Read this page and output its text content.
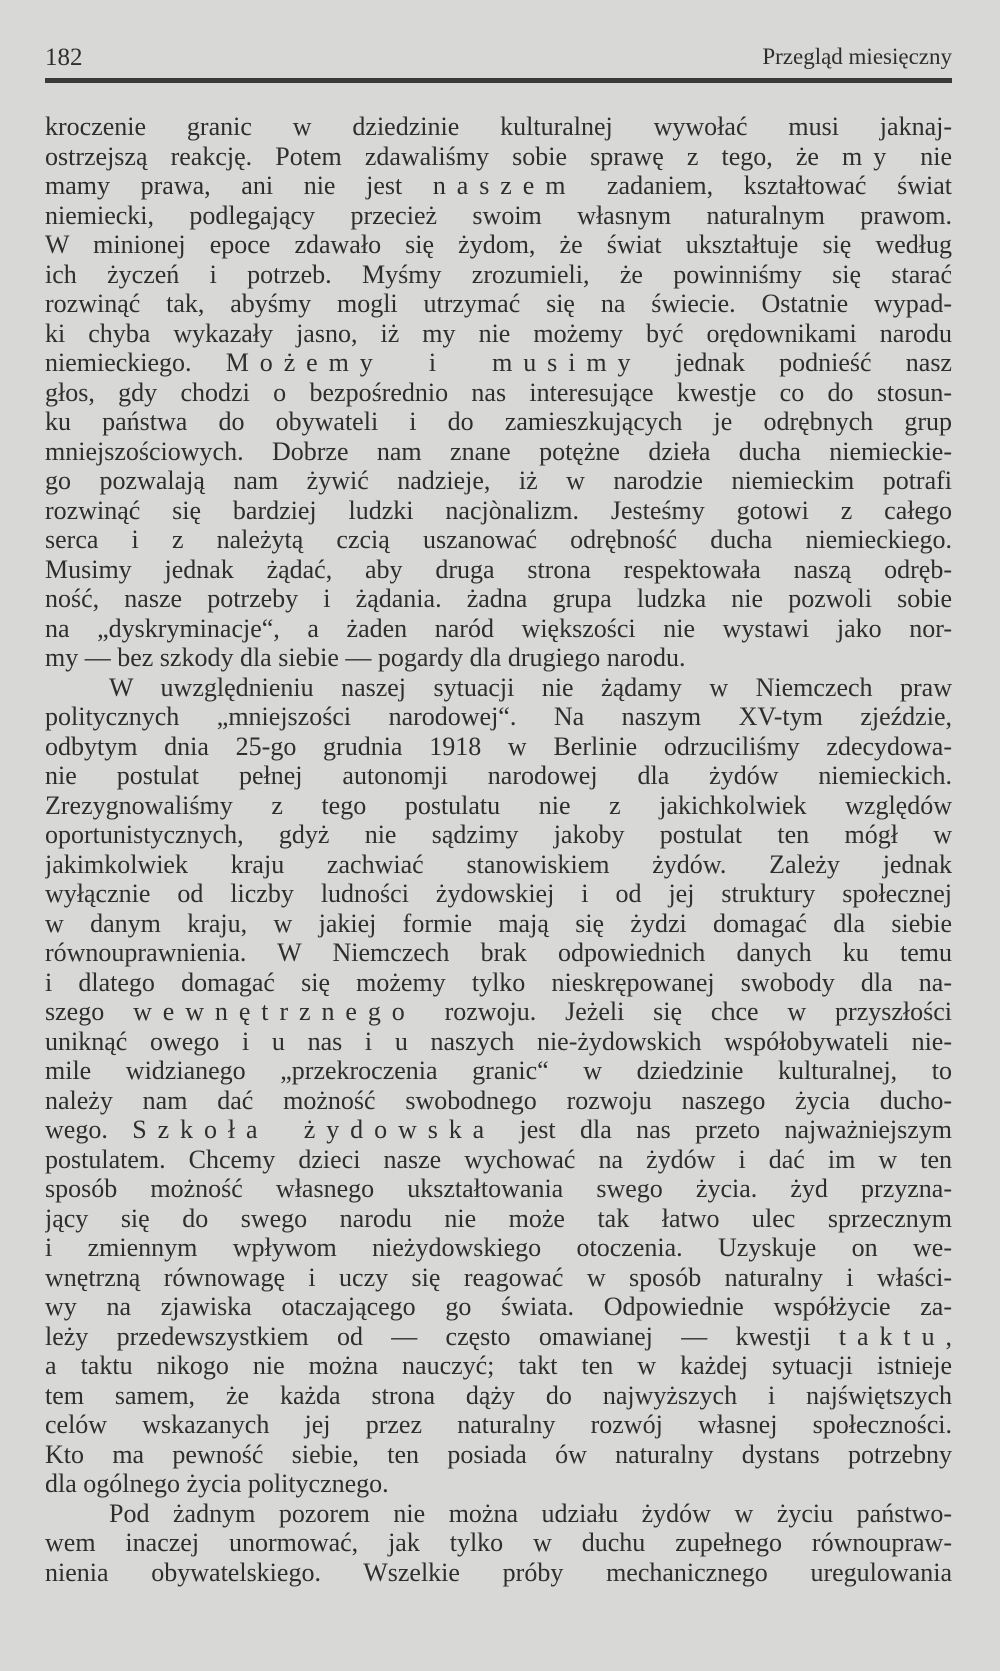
182	Przegląd miesięczny
kroczenie granic w dziedzinie kulturalnej wywołać musi jaknaj-
ostrzejszą reakcję. Potem zdawaliśmy sobie sprawę z tego, że my nie
mamy prawa, ani nie jest naszem zadaniem, kształtować świat
niemiecki, podlegający przecież swoim własnym naturalnym prawom.
W minionej epoce zdawało się żydom, że świat ukształtuje się według
ich życzeń i potrzeb. Myśmy zrozumieli, że powinniśmy się starać
rozwinąć tak, abyśmy mogli utrzymać się na świecie. Ostatnie wypad-
ki chyba wykazały jasno, iż my nie możemy być orędownikami narodu
niemieckiego. Możemy i musimy jednak podnieść nasz
głos, gdy chodzi o bezpośrednio nas interesujące kwestje co do stosun-
ku państwa do obywateli i do zamieszkujących je odrębnych grup
mniejszościowych. Dobrze nam znane potężne dzieła ducha niemieckie-
go pozwalają nam żywić nadzieje, iż w narodzie niemieckim potrafi
rozwinąć się bardziej ludzki nacjònalizm. Jesteśmy gotowi z całego
serca i z należytą czcią uszanować odrębność ducha niemieckiego.
Musimy jednak żądać, aby druga strona respektowała naszą odręb-
ność, nasze potrzeby i żądania. żadna grupa ludzka nie pozwoli sobie
na „dyskryminacje“, a żaden naród większości nie wystawi jako nor-
my — bez szkody dla siebie — pogardy dla drugiego narodu.
W uwzględnieniu naszej sytuacji nie żądamy w Niemczech praw
politycznych „mniejszości narodowej“. Na naszym XV-tym zjeździe,
odbytym dnia 25-go grudnia 1918 w Berlinie odrzuciliśmy zdecydowa-
nie postulat pełnej autonomji narodowej dla żydów niemieckich.
Zrezygnowaliśmy z tego postulatu nie z jakichkolwiek względów
oportunistycznych, gdyż nie sądzimy jakoby postulat ten mógł w
jakimkolwiek kraju zachwiać stanowiskiem żydów. Zależy jednak
wyłącznie od liczby ludności żydowskiej i od jej struktury społecznej
w danym kraju, w jakiej formie mają się żydzi domagać dla siebie
równouprawnienia. W Niemczech brak odpowiednich danych ku temu
i dlatego domagać się możemy tylko nieskrępowanej swobody dla na-
szego wewnętrznego rozwoju. Jeżeli się chce w przyszłości
uniknąć owego i u nas i u naszych nie-żydowskich współobywateli nie-
mile widzianego „przekroczenia granic“ w dziedzinie kulturalnej, to
należy nam dać możność swobodnego rozwoju naszego życia ducho-
wego. Szkoła żydowska jest dla nas przeto najważniejszym
postulatem. Chcemy dzieci nasze wychować na żydów i dać im w ten
sposób możność własnego ukształtowania swego życia. żyd przyzna-
jący się do swego narodu nie może tak łatwo ulec sprzecznym
i zmiennym wpływom nieżydowskiego otoczenia. Uzyskuje on we-
wnętrzną równowagę i uczy się reagować w sposób naturalny i właści-
wy na zjawiska otaczającego go świata. Odpowiednie współżycie za-
leży przedewszystkiem od — często omawianej — kwestji taktu,
a taktu nikogo nie można nauczyć; takt ten w każdej sytuacji istnieje
tem samem, że każda strona dąży do najwyższych i najświętszych
celów wskazanych jej przez naturalny rozwój własnej społeczności.
Kto ma pewność siebie, ten posiada ów naturalny dystans potrzebny
dla ogólnego życia politycznego.
Pod żadnym pozorem nie można udziału żydów w życiu państwo-
wem inaczej unormować, jak tylko w duchu zupełnego równoupraw-
nienia obywatelskiego. Wszelkie próby mechanicznego uregulowania
